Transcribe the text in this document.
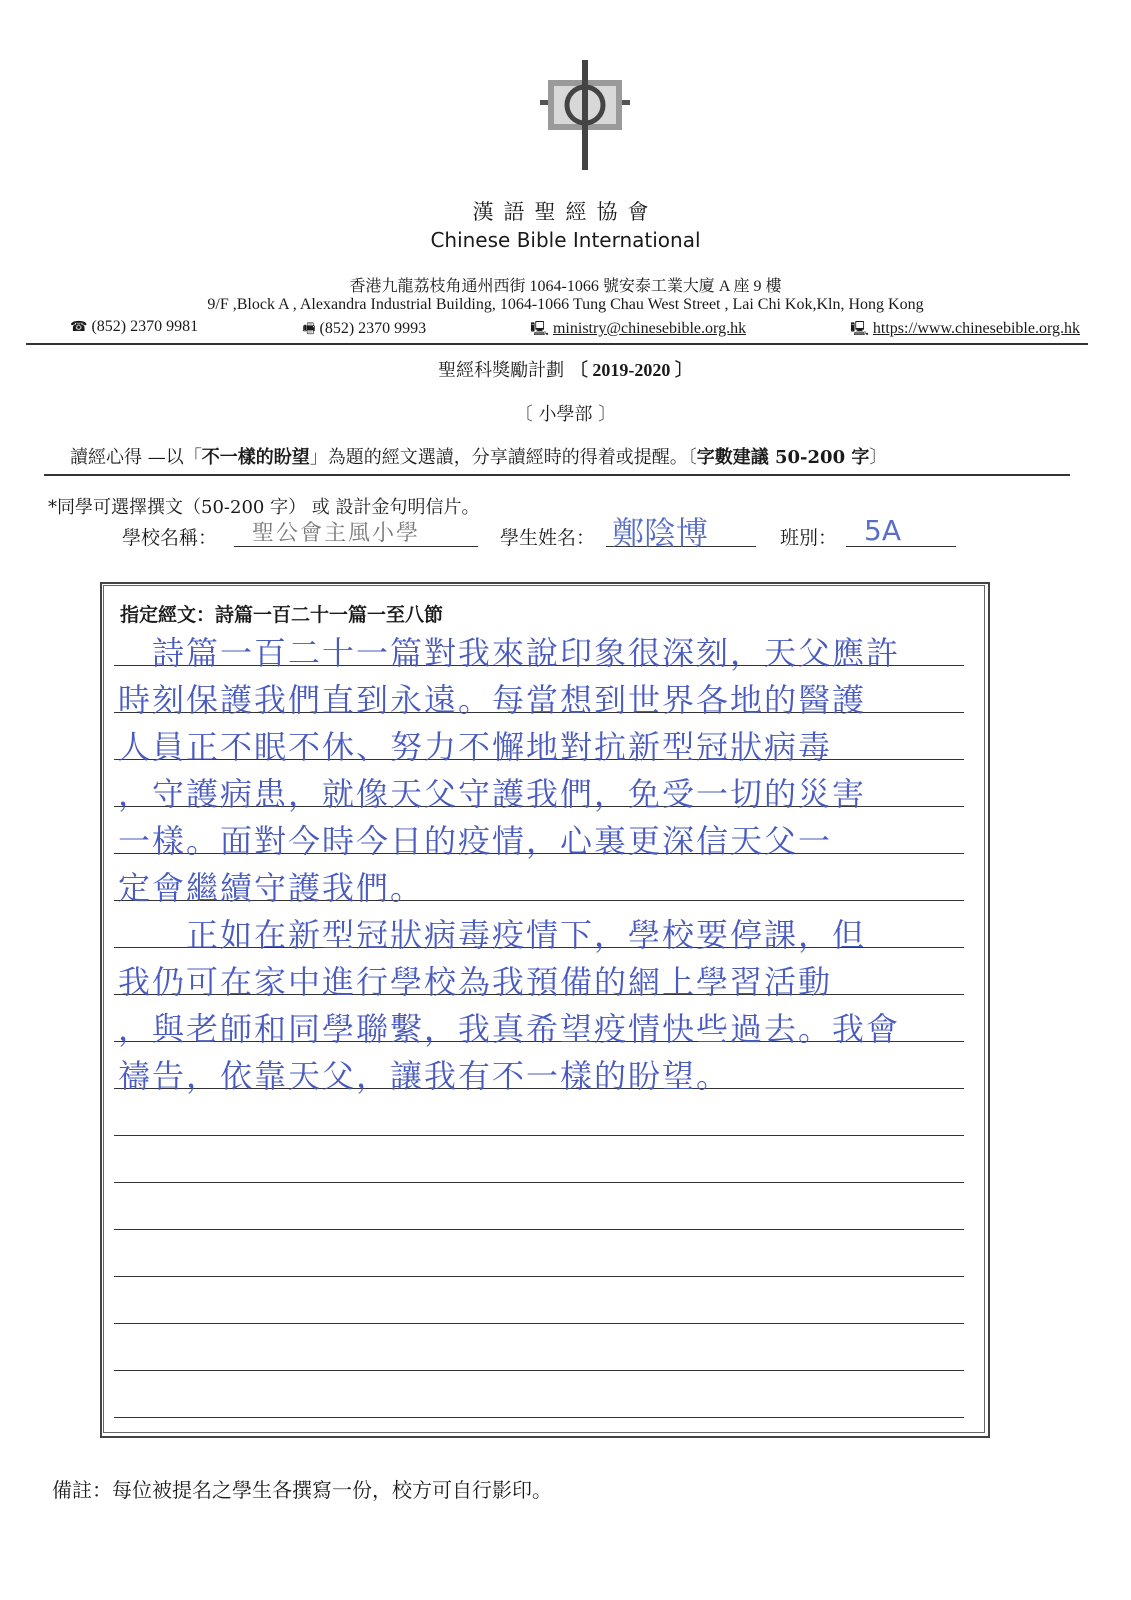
漢語聖經協會
Chinese Bible International
香港九龍荔枝角通州西街 1064-1066 號安泰工業大廈 A 座 9 樓
9/F ,Block A , Alexandra Industrial Building, 1064-1066 Tung Chau West Street , Lai Chi Kok,Kln, Hong Kong
☎ (852) 2370 9981	🖷 (852) 2370 9993	🖳 ministry@chinesebible.org.hk	🖳 https://www.chinesebible.org.hk
聖經科獎勵計劃 〔 2019-2020 〕
〔 小學部 〕
讀經心得 —以「不一樣的盼望」為題的經文選讀，分享讀經時的得着或提醒。〔字數建議 50-200 字〕
*同學可選擇撰文（50-200 字） 或 設計金句明信片。
學校名稱： 聖公會主風小學	學生姓名： 鄭陰博	班別： 5A
指定經文：詩篇一百二十一篇一至八節
　詩篇一百二十一篇對我來說印象很深刻，天父應許
時刻保護我們直到永遠。每當想到世界各地的醫護
人員正不眠不休、努力不懈地對抗新型冠狀病毒
，守護病患，就像天父守護我們，免受一切的災害
一樣。面對今時今日的疫情，心裏更深信天父一
定會繼續守護我們。
　　正如在新型冠狀病毒疫情下，學校要停課，但
我仍可在家中進行學校為我預備的網上學習活動
，與老師和同學聯繫，我真希望疫情快些過去。我會
禱告，依靠天父，讓我有不一樣的盼望。
備註：每位被提名之學生各撰寫一份，校方可自行影印。
